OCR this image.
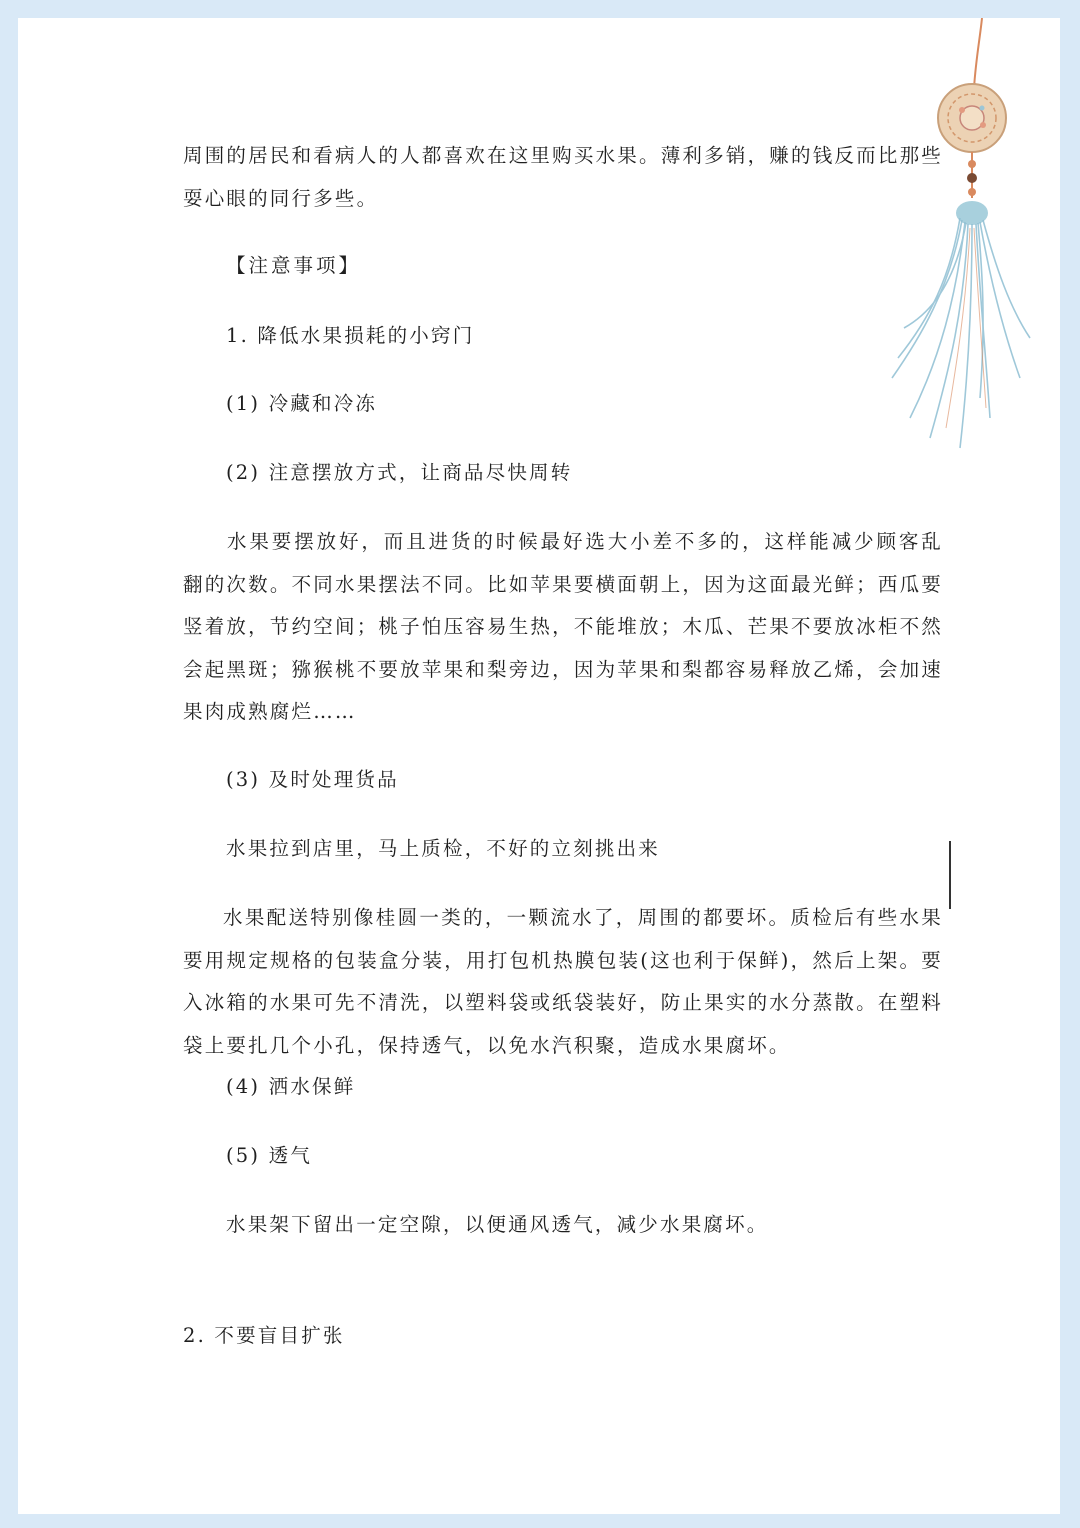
周围的居民和看病人的人都喜欢在这里购买水果。薄利多销，赚的钱反而比那些耍心眼的同行多些。

【注意事项】

1. 降低水果损耗的小窍门

(1) 冷藏和冷冻

(2) 注意摆放方式，让商品尽快周转

水果要摆放好，而且进货的时候最好选大小差不多的，这样能减少顾客乱翻的次数。不同水果摆法不同。比如苹果要横面朝上，因为这面最光鲜；西瓜要竖着放，节约空间；桃子怕压容易生热，不能堆放；木瓜、芒果不要放冰柜不然会起黑斑；猕猴桃不要放苹果和梨旁边，因为苹果和梨都容易释放乙烯，会加速果肉成熟腐烂……

(3) 及时处理货品

水果拉到店里，马上质检，不好的立刻挑出来

水果配送特别像桂圆一类的，一颗流水了，周围的都要坏。质检后有些水果要用规定规格的包装盒分装，用打包机热膜包装(这也利于保鲜)，然后上架。要入冰箱的水果可先不清洗，以塑料袋或纸袋装好，防止果实的水分蒸散。在塑料袋上要扎几个小孔，保持透气，以免水汽积聚，造成水果腐坏。

(4) 洒水保鲜

(5) 透气

水果架下留出一定空隙，以便通风透气，减少水果腐坏。

2. 不要盲目扩张
